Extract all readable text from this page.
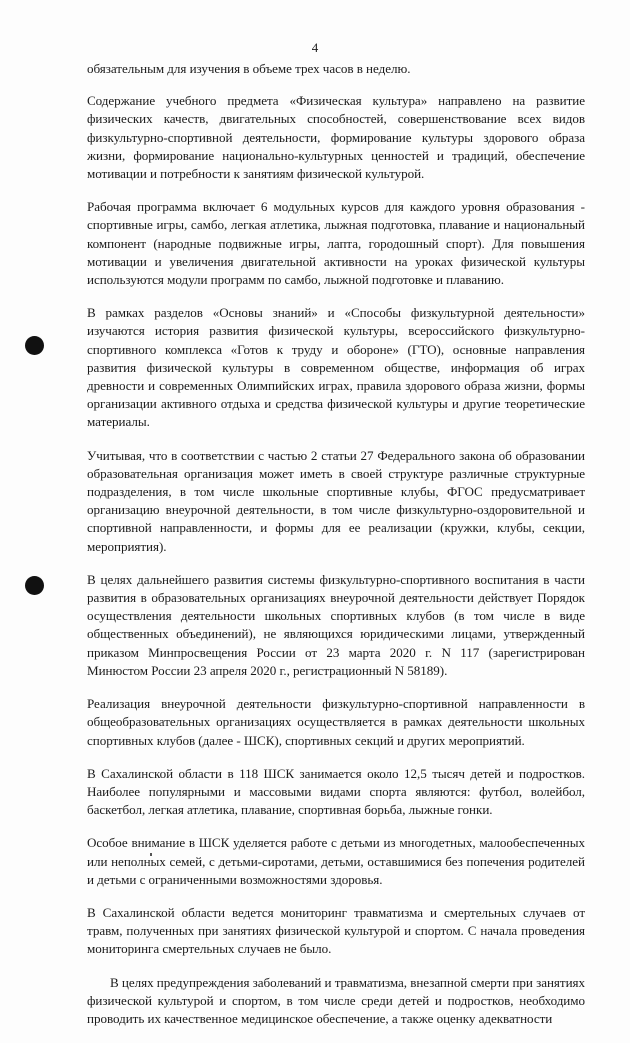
4

обязательным для изучения в объеме трех часов в неделю.

Содержание учебного предмета «Физическая культура» направлено на развитие физических качеств, двигательных способностей, совершенствование всех видов физкультурно-спортивной деятельности, формирование культуры здорового образа жизни, формирование национально-культурных ценностей и традиций, обеспечение мотивации и потребности к занятиям физической культурой.

Рабочая программа включает 6 модульных курсов для каждого уровня образования - спортивные игры, самбо, легкая атлетика, лыжная подготовка, плавание и национальный компонент (народные подвижные игры, лапта, городошный спорт). Для повышения мотивации и увеличения двигательной активности на уроках физической культуры используются модули программ по самбо, лыжной подготовке и плаванию.

В рамках разделов «Основы знаний» и «Способы физкультурной деятельности» изучаются история развития физической культуры, всероссийского физкультурно-спортивного комплекса «Готов к труду и обороне» (ГТО), основные направления развития физической культуры в современном обществе, информация об играх древности и современных Олимпийских играх, правила здорового образа жизни, формы организации активного отдыха и средства физической культуры и другие теоретические материалы.

Учитывая, что в соответствии с частью 2 статьи 27 Федерального закона об образовании образовательная организация может иметь в своей структуре различные структурные подразделения, в том числе школьные спортивные клубы, ФГОС предусматривает организацию внеурочной деятельности, в том числе физкультурно-оздоровительной и спортивной направленности, и формы для ее реализации (кружки, клубы, секции, мероприятия).

В целях дальнейшего развития системы физкультурно-спортивного воспитания в части развития в образовательных организациях внеурочной деятельности действует Порядок осуществления деятельности школьных спортивных клубов (в том числе в виде общественных объединений), не являющихся юридическими лицами, утвержденный приказом Минпросвещения России от 23 марта 2020 г. N 117 (зарегистрирован Минюстом России 23 апреля 2020 г., регистрационный N 58189).

Реализация внеурочной деятельности физкультурно-спортивной направленности в общеобразовательных организациях осуществляется в рамках деятельности школьных спортивных клубов (далее - ШСК), спортивных секций и других мероприятий.

В Сахалинской области в 118 ШСК занимается около 12,5 тысяч детей и подростков. Наиболее популярными и массовыми видами спорта являются: футбол, волейбол, баскетбол, легкая атлетика, плавание, спортивная борьба, лыжные гонки.

Особое внимание в ШСК уделяется работе с детьми из многодетных, малообеспеченных или неполных семей, с детьми-сиротами, детьми, оставшимися без попечения родителей и детьми с ограниченными возможностями здоровья.

В Сахалинской области ведется мониторинг травматизма и смертельных случаев от травм, полученных при занятиях физической культурой и спортом. С начала проведения мониторинга смертельных случаев не было.

В целях предупреждения заболеваний и травматизма, внезапной смерти при занятиях физической культурой и спортом, в том числе среди детей и подростков, необходимо проводить их качественное медицинское обеспечение, а также оценку адекватности
